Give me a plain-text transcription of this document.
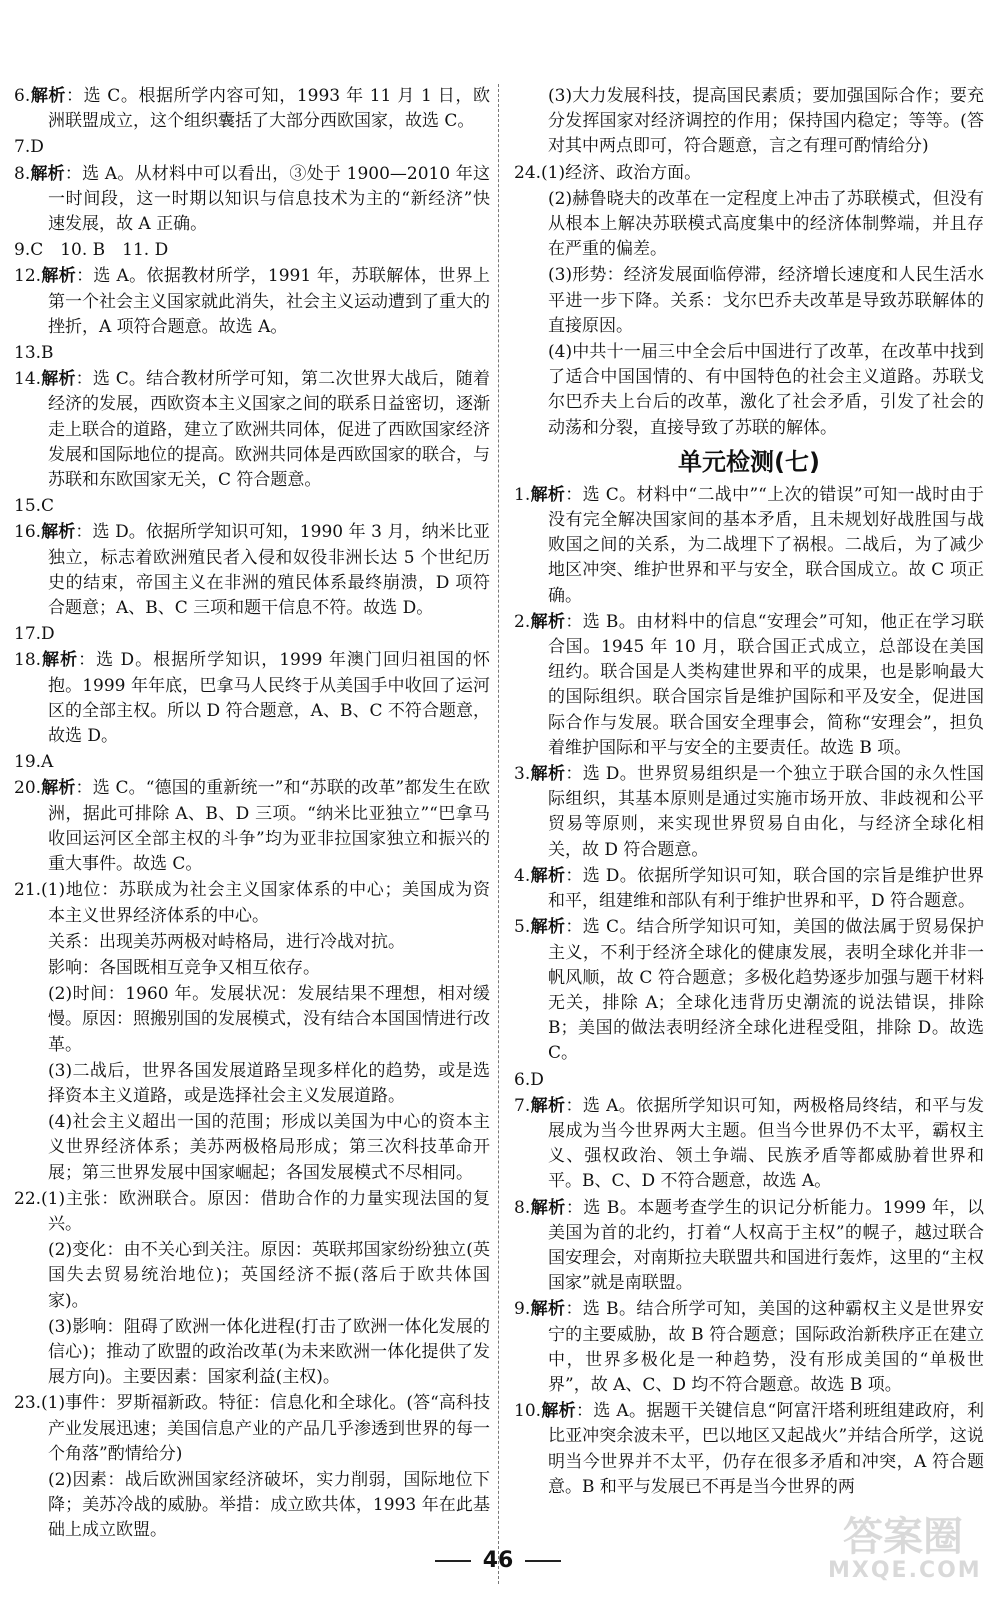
6.解析：选 C。根据所学内容可知，1993 年 11 月 1 日，欧洲联盟成立，这个组织囊括了大部分西欧国家，故选 C。

7.D

8.解析：选 A。从材料中可以看出，③处于 1900—2010 年这一时间段，这一时期以知识与信息技术为主的“新经济”快速发展，故 A 正确。

9.C　10. B　11. D

12.解析：选 A。依据教材所学，1991 年，苏联解体，世界上第一个社会主义国家就此消失，社会主义运动遭到了重大的挫折，A 项符合题意。故选 A。

13.B

14.解析：选 C。结合教材所学可知，第二次世界大战后，随着经济的发展，西欧资本主义国家之间的联系日益密切，逐渐走上联合的道路，建立了欧洲共同体，促进了西欧国家经济发展和国际地位的提高。欧洲共同体是西欧国家的联合，与苏联和东欧国家无关，C 符合题意。

15.C

16.解析：选 D。依据所学知识可知，1990 年 3 月，纳米比亚独立，标志着欧洲殖民者入侵和奴役非洲长达 5 个世纪历史的结束，帝国主义在非洲的殖民体系最终崩溃，D 项符合题意；A、B、C 三项和题干信息不符。故选 D。

17.D

18.解析：选 D。根据所学知识，1999 年澳门回归祖国的怀抱。1999 年年底，巴拿马人民终于从美国手中收回了运河区的全部主权。所以 D 符合题意，A、B、C 不符合题意，故选 D。

19.A

20.解析：选 C。“德国的重新统一”和“苏联的改革”都发生在欧洲，据此可排除 A、B、D 三项。“纳米比亚独立”“巴拿马收回运河区全部主权的斗争”均为亚非拉国家独立和振兴的重大事件。故选 C。

21.(1)地位：苏联成为社会主义国家体系的中心；美国成为资本主义世界经济体系的中心。

关系：出现美苏两极对峙格局，进行冷战对抗。

影响：各国既相互竞争又相互依存。

(2)时间：1960 年。发展状况：发展结果不理想，相对缓慢。原因：照搬别国的发展模式，没有结合本国国情进行改革。

(3)二战后，世界各国发展道路呈现多样化的趋势，或是选择资本主义道路，或是选择社会主义发展道路。

(4)社会主义超出一国的范围；形成以美国为中心的资本主义世界经济体系；美苏两极格局形成；第三次科技革命开展；第三世界发展中国家崛起；各国发展模式不尽相同。

22.(1)主张：欧洲联合。原因：借助合作的力量实现法国的复兴。

(2)变化：由不关心到关注。原因：英联邦国家纷纷独立(英国失去贸易统治地位)；英国经济不振(落后于欧共体国家)。

(3)影响：阻碍了欧洲一体化进程(打击了欧洲一体化发展的信心)；推动了欧盟的政治改革(为未来欧洲一体化提供了发展方向)。主要因素：国家利益(主权)。

23.(1)事件：罗斯福新政。特征：信息化和全球化。(答“高科技产业发展迅速；美国信息产业的产品几乎渗透到世界的每一个角落”酌情给分)

(2)因素：战后欧洲国家经济破坏，实力削弱，国际地位下降；美苏冷战的威胁。举措：成立欧共体，1993 年在此基础上成立欧盟。

(3)大力发展科技，提高国民素质；要加强国际合作；要充分发挥国家对经济调控的作用；保持国内稳定；等等。(答对其中两点即可，符合题意，言之有理可酌情给分)

24.(1)经济、政治方面。

(2)赫鲁晓夫的改革在一定程度上冲击了苏联模式，但没有从根本上解决苏联模式高度集中的经济体制弊端，并且存在严重的偏差。

(3)形势：经济发展面临停滞，经济增长速度和人民生活水平进一步下降。关系：戈尔巴乔夫改革是导致苏联解体的直接原因。

(4)中共十一届三中全会后中国进行了改革，在改革中找到了适合中国国情的、有中国特色的社会主义道路。苏联戈尔巴乔夫上台后的改革，激化了社会矛盾，引发了社会的动荡和分裂，直接导致了苏联的解体。

单元检测(七)

1.解析：选 C。材料中“二战中”“上次的错误”可知一战时由于没有完全解决国家间的基本矛盾，且未规划好战胜国与战败国之间的关系，为二战埋下了祸根。二战后，为了减少地区冲突、维护世界和平与安全，联合国成立。故 C 项正确。

2.解析：选 B。由材料中的信息“安理会”可知，他正在学习联合国。1945 年 10 月，联合国正式成立，总部设在美国纽约。联合国是人类构建世界和平的成果，也是影响最大的国际组织。联合国宗旨是维护国际和平及安全，促进国际合作与发展。联合国安全理事会，简称“安理会”，担负着维护国际和平与安全的主要责任。故选 B 项。

3.解析：选 D。世界贸易组织是一个独立于联合国的永久性国际组织，其基本原则是通过实施市场开放、非歧视和公平贸易等原则，来实现世界贸易自由化，与经济全球化相关，故 D 符合题意。

4.解析：选 D。依据所学知识可知，联合国的宗旨是维护世界和平，组建维和部队有利于维护世界和平，D 符合题意。

5.解析：选 C。结合所学知识可知，美国的做法属于贸易保护主义，不利于经济全球化的健康发展，表明全球化并非一帆风顺，故 C 符合题意；多极化趋势逐步加强与题干材料无关，排除 A；全球化违背历史潮流的说法错误，排除 B；美国的做法表明经济全球化进程受阻，排除 D。故选 C。

6.D

7.解析：选 A。依据所学知识可知，两极格局终结，和平与发展成为当今世界两大主题。但当今世界仍不太平，霸权主义、强权政治、领土争端、民族矛盾等都威胁着世界和平。B、C、D 不符合题意，故选 A。

8.解析：选 B。本题考查学生的识记分析能力。1999 年，以美国为首的北约，打着“人权高于主权”的幌子，越过联合国安理会，对南斯拉夫联盟共和国进行轰炸，这里的“主权国家”就是南联盟。

9.解析：选 B。结合所学可知，美国的这种霸权主义是世界安宁的主要威胁，故 B 符合题意；国际政治新秩序正在建立中，世界多极化是一种趋势，没有形成美国的“单极世界”，故 A、C、D 均不符合题意。故选 B 项。

10.解析：选 A。据题干关键信息“阿富汗塔利班组建政府，利比亚冲突余波未平，巴以地区又起战火”并结合所学，这说明当今世界并不太平，仍存在很多矛盾和冲突，A 符合题意。B 和平与发展已不再是当今世界的两

46
答案圈
MXQE.COM
